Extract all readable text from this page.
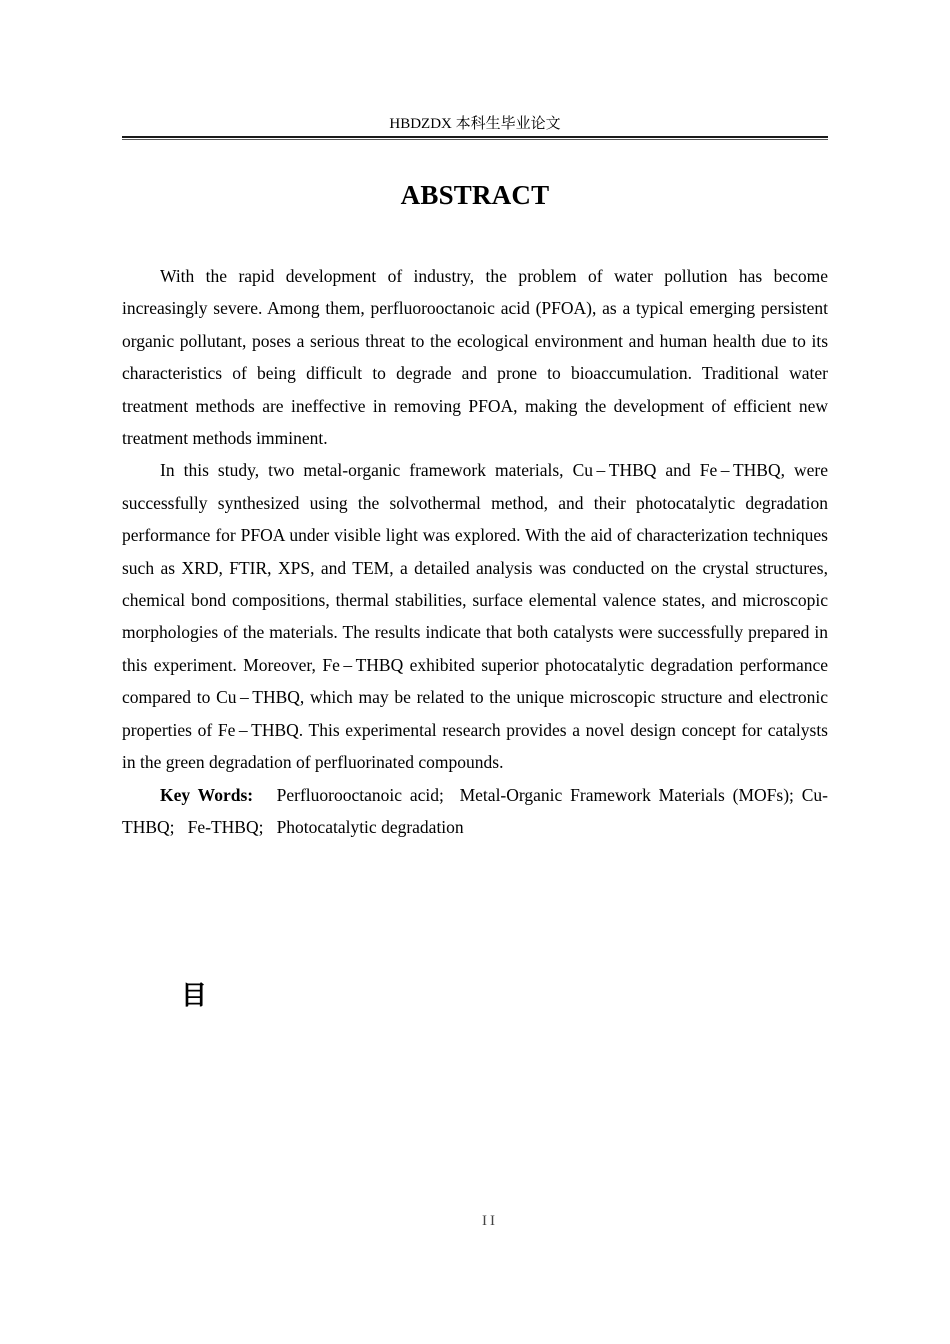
HBDZDX 本科生毕业论文
ABSTRACT

With the rapid development of industry, the problem of water pollution has become increasingly severe. Among them, perfluorooctanoic acid (PFOA), as a typical emerging persistent organic pollutant, poses a serious threat to the ecological environment and human health due to its characteristics of being difficult to degrade and prone to bioaccumulation. Traditional water treatment methods are ineffective in removing PFOA, making the development of efficient new treatment methods imminent.

In this study, two metal-organic framework materials, Cu – THBQ and Fe – THBQ, were successfully synthesized using the solvothermal method, and their photocatalytic degradation performance for PFOA under visible light was explored. With the aid of characterization techniques such as XRD, FTIR, XPS, and TEM, a detailed analysis was conducted on the crystal structures, chemical bond compositions, thermal stabilities, surface elemental valence states, and microscopic morphologies of the materials. The results indicate that both catalysts were successfully prepared in this experiment. Moreover, Fe – THBQ exhibited superior photocatalytic degradation performance compared to Cu – THBQ, which may be related to the unique microscopic structure and electronic properties of Fe – THBQ. This experimental research provides a novel design concept for catalysts in the green degradation of perfluorinated compounds.

Key Words: Perfluorooctanoic acid; Metal-Organic Framework Materials (MOFs); Cu-THBQ; Fe-THBQ; Photocatalytic degradation

目
II
